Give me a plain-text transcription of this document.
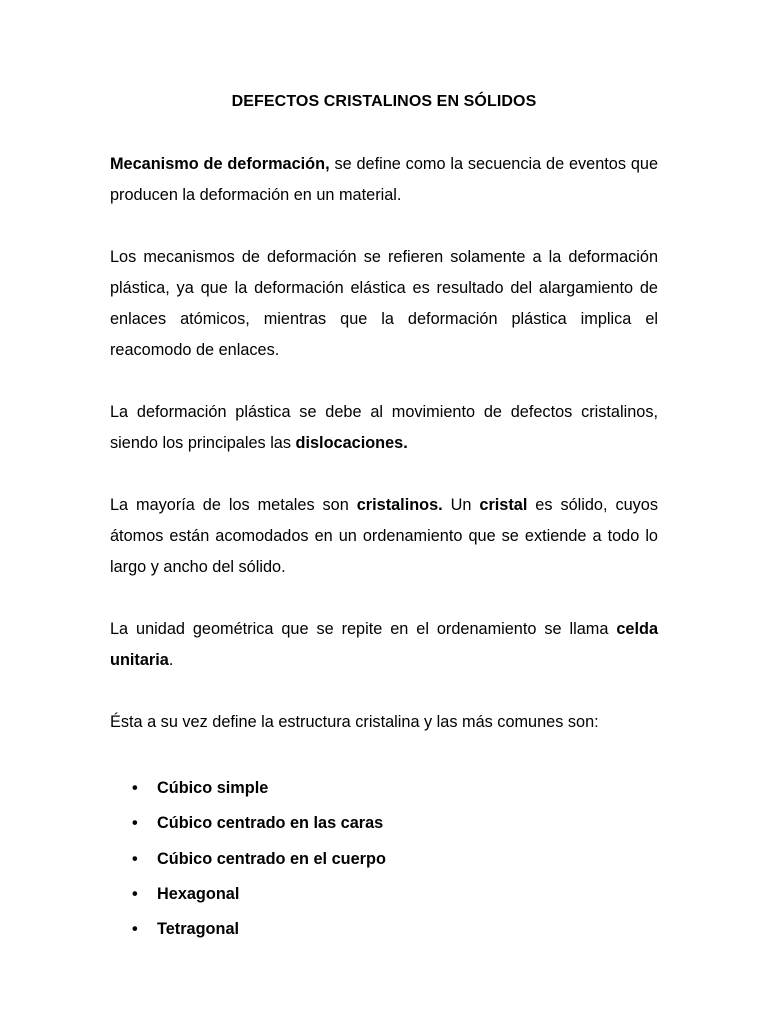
DEFECTOS CRISTALINOS EN SÓLIDOS

Mecanismo de deformación, se define como la secuencia de eventos que producen la deformación en un material.

Los mecanismos de deformación se refieren solamente a la deformación plástica, ya que la deformación elástica es resultado del alargamiento de enlaces atómicos, mientras que la deformación plástica implica el reacomodo de enlaces.

La deformación plástica se debe al movimiento de defectos cristalinos, siendo los principales las dislocaciones.

La mayoría de los metales son cristalinos. Un cristal es sólido, cuyos átomos están acomodados en un ordenamiento que se extiende a todo lo largo y ancho del sólido.

La unidad geométrica que se repite en el ordenamiento se llama celda unitaria.

Ésta a su vez define la estructura cristalina y las más comunes son:

• Cúbico simple
• Cúbico centrado en las caras
• Cúbico centrado en el cuerpo
• Hexagonal
• Tetragonal
